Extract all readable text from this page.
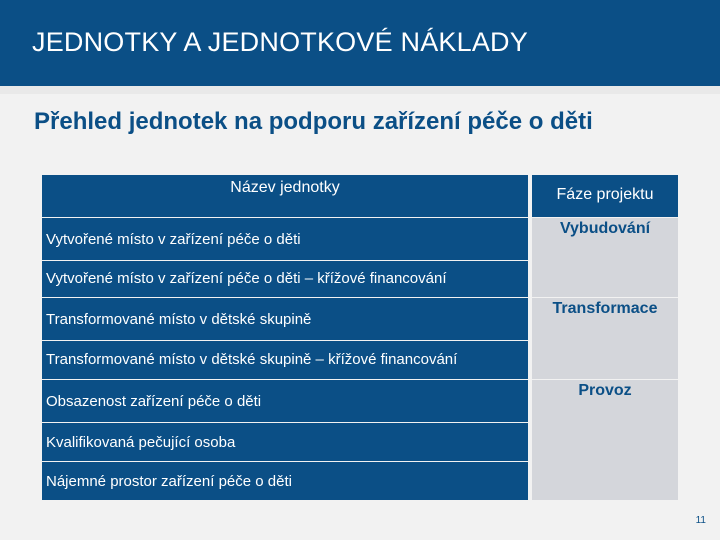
JEDNOTKY A JEDNOTKOVÉ NÁKLADY
Přehled jednotek na podporu zařízení péče o děti
Název jednotky	Fáze projektu
Vytvořené místo v zařízení péče o děti
Vytvořené místo v zařízení péče o děti – křížové financování
Transformované místo v dětské skupině
Transformované místo v dětské skupině – křížové financování
Obsazenost zařízení péče o děti
Kvalifikovaná pečující osoba
Nájemné prostor zařízení péče o děti
Vybudování
Transformace
Provoz
11
